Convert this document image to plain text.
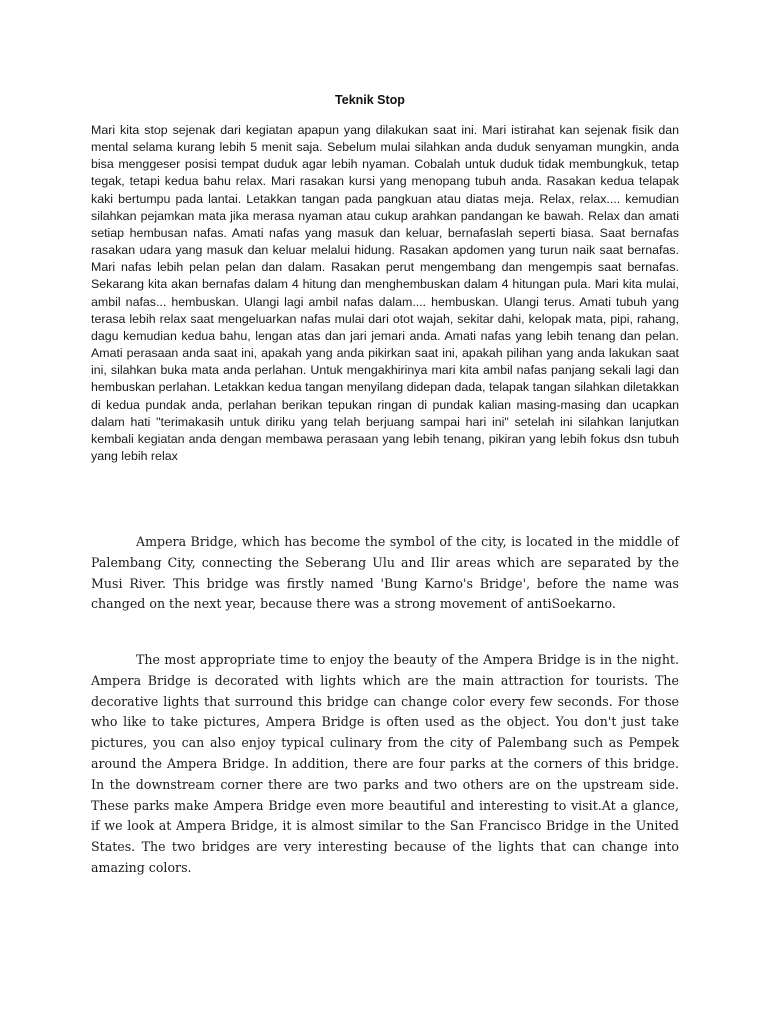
Teknik Stop

Mari kita stop sejenak dari kegiatan apapun yang dilakukan saat ini. Mari istirahat kan sejenak fisik dan mental selama kurang lebih 5 menit saja. Sebelum mulai silahkan anda duduk senyaman mungkin, anda bisa menggeser posisi tempat duduk agar lebih nyaman. Cobalah untuk duduk tidak membungkuk, tetap tegak, tetapi kedua bahu relax. Mari rasakan kursi yang menopang tubuh anda. Rasakan kedua telapak kaki bertumpu pada lantai. Letakkan tangan pada pangkuan atau diatas meja. Relax, relax.... kemudian silahkan pejamkan mata jika merasa nyaman atau cukup arahkan pandangan ke bawah. Relax dan amati setiap hembusan nafas. Amati nafas yang masuk dan keluar, bernafaslah seperti biasa. Saat bernafas rasakan udara yang masuk dan keluar melalui hidung. Rasakan apdomen yang turun naik saat bernafas. Mari nafas lebih pelan pelan dan dalam. Rasakan perut mengembang dan mengempis saat bernafas. Sekarang kita akan bernafas dalam 4 hitung dan menghembuskan dalam 4 hitungan pula. Mari kita mulai, ambil nafas... hembuskan. Ulangi lagi ambil nafas dalam.... hembuskan. Ulangi terus. Amati tubuh yang terasa lebih relax saat mengeluarkan nafas mulai dari otot wajah, sekitar dahi, kelopak mata, pipi, rahang, dagu kemudian kedua bahu, lengan atas dan jari jemari anda. Amati nafas yang lebih tenang dan pelan. Amati perasaan anda saat ini, apakah yang anda pikirkan saat ini, apakah pilihan yang anda lakukan saat ini, silahkan buka mata anda perlahan. Untuk mengakhirinya mari kita ambil nafas panjang sekali lagi dan hembuskan perlahan. Letakkan kedua tangan menyilang didepan dada, telapak tangan silahkan diletakkan di kedua pundak anda, perlahan berikan tepukan ringan di pundak kalian masing-masing dan ucapkan dalam hati "terimakasih untuk diriku yang telah berjuang sampai hari ini" setelah ini silahkan lanjutkan kembali kegiatan anda dengan membawa perasaan yang lebih tenang, pikiran yang lebih fokus dsn tubuh yang lebih relax

Ampera Bridge, which has become the symbol of the city, is located in the middle of Palembang City, connecting the Seberang Ulu and Ilir areas which are separated by the Musi River. This bridge was firstly named 'Bung Karno's Bridge', before the name was changed on the next year, because there was a strong movement of antiSoekarno.

The most appropriate time to enjoy the beauty of the Ampera Bridge is in the night. Ampera Bridge is decorated with lights which are the main attraction for tourists. The decorative lights that surround this bridge can change color every few seconds. For those who like to take pictures, Ampera Bridge is often used as the object. You don't just take pictures, you can also enjoy typical culinary from the city of Palembang such as Pempek around the Ampera Bridge. In addition, there are four parks at the corners of this bridge. In the downstream corner there are two parks and two others are on the upstream side. These parks make Ampera Bridge even more beautiful and interesting to visit.At a glance, if we look at Ampera Bridge, it is almost similar to the San Francisco Bridge in the United States. The two bridges are very interesting because of the lights that can change into amazing colors.
